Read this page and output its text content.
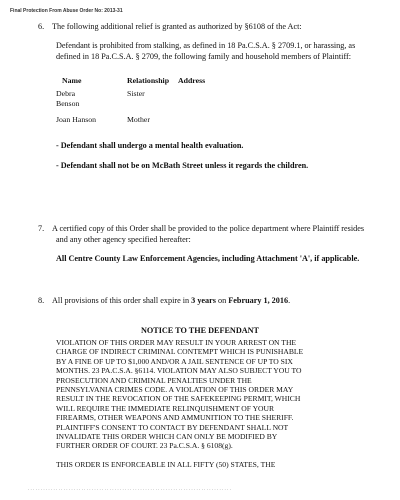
Final Protection From Abuse Order No: 2013-31
6. The following additional relief is granted as authorized by §6108 of the Act:
Defendant is prohibited from stalking, as defined in 18 Pa.C.S.A. § 2709.1, or harassing, as
defined in 18 Pa.C.S.A. § 2709, the following family and household members of Plaintiff:
Name	Relationship Address
Debra
Benson
Sister
Joan Hanson	Mother
- Defendant shall undergo a mental health evaluation.
- Defendant shall not be on McBath Street unless it regards the children.
7. A certified copy of this Order shall be provided to the police department where Plaintiff resides
and any other agency specified hereafter:
All Centre County Law Enforcement Agencies, including Attachment 'A', if applicable.
8. All provisions of this order shall expire in 3 years on February 1, 2016.
NOTICE TO THE DEFENDANT

VIOLATION OF THIS ORDER MAY RESULT IN YOUR ARREST ON THE

CHARGE OF INDIRECT CRIMINAL CONTEMPT WHICH IS PUNISHABLE

BY A FINE OF UP TO $1,000 AND/OR A JAIL SENTENCE OF UP TO SIX

MONTHS. 23 PA.C.S.A. §6114. VIOLATION MAY ALSO SUBJECT YOU TO

PROSECUTION AND CRIMINAL PENALTIES UNDER THE

PENNSYLVANIA CRIMES CODE. A VIOLATION OF THIS ORDER MAY

RESULT IN THE REVOCATION OF THE SAFEKEEPING PERMIT, WHICH

WILL REQUIRE THE IMMEDIATE RELINQUISHMENT OF YOUR

FIREARMS, OTHER WEAPONS AND AMMUNITION TO THE SHERIFF.

PLAINTIFF'S CONSENT TO CONTACT BY DEFENDANT SHALL NOT

INVALIDATE THIS ORDER WHICH CAN ONLY BE MODIFIED BY

FURTHER ORDER OF COURT. 23 Pa.C.S.A. § 6108(g).

THIS ORDER IS ENFORCEABLE IN ALL FIFTY (50) STATES, THE

. . . . . . . . . . . . . . . . . . . . . . . . . . . . . . . . . . . . . . . . . . . . . . . . . . . . . . . . . . . . . . . . . . . . . . . . . . . . . . . .
